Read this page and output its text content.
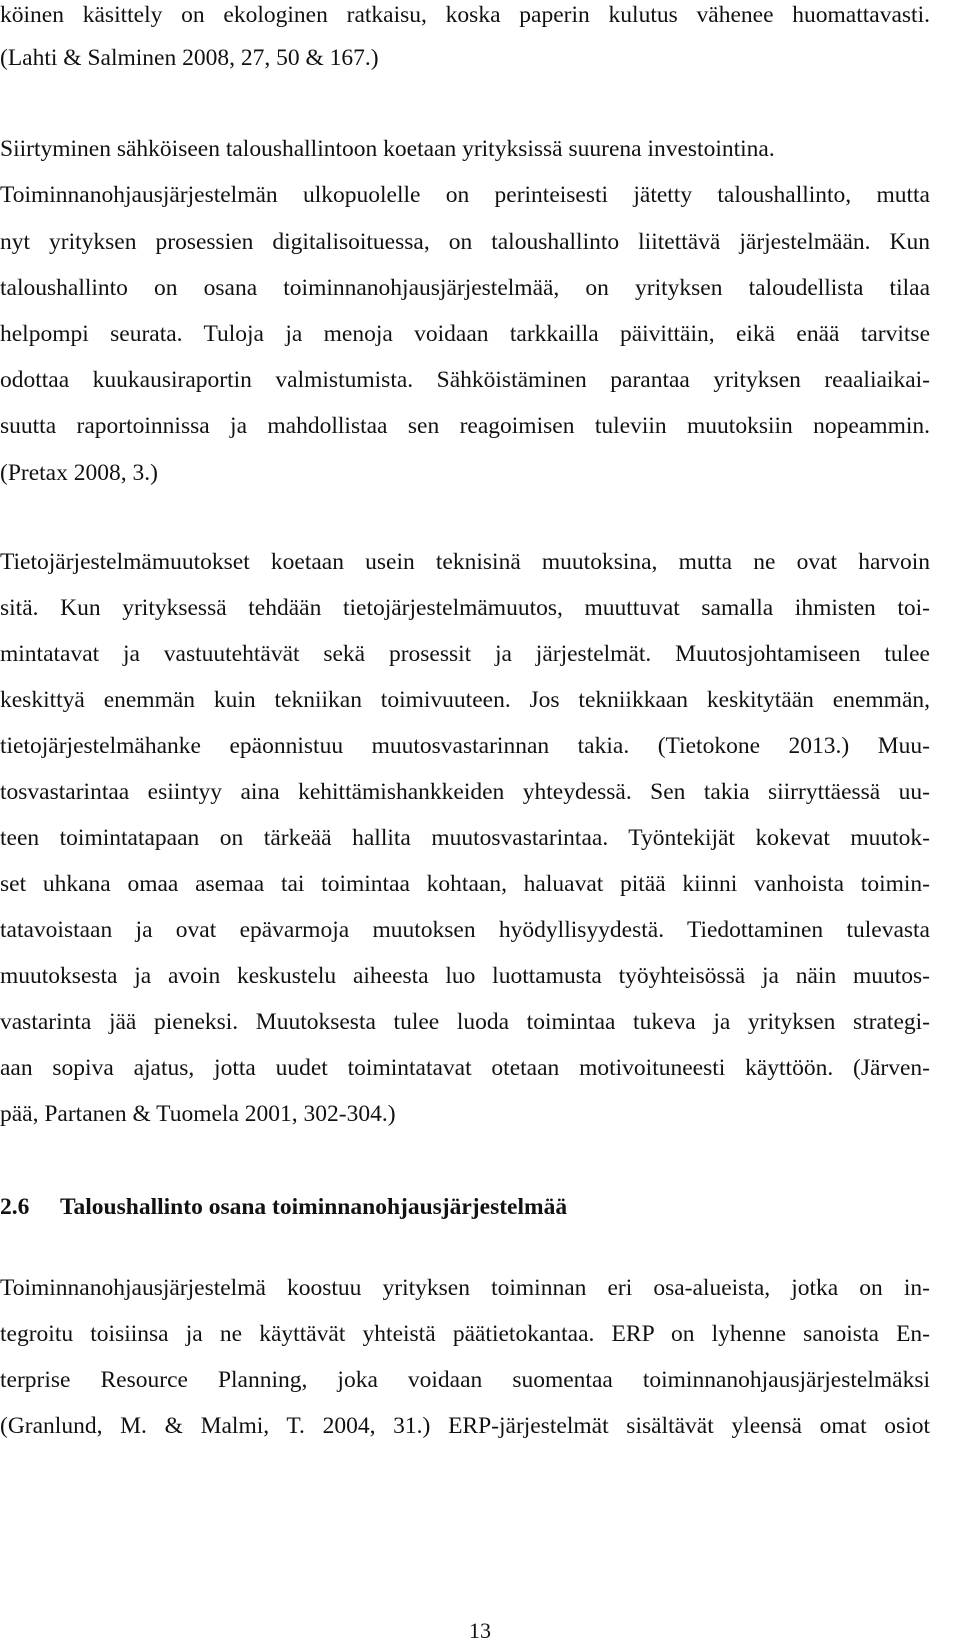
köinen käsittely on ekologinen ratkaisu, koska paperin kulutus vähenee huomattavasti.
(Lahti & Salminen 2008, 27, 50 & 167.)
Siirtyminen sähköiseen taloushallintoon koetaan yrityksissä suurena investointina.
Toiminnanohjausjärjestelmän ulkopuolelle on perinteisesti jätetty taloushallinto, mutta
nyt yrityksen prosessien digitalisoituessa, on taloushallinto liitettävä järjestelmään. Kun
taloushallinto on osana toiminnanohjausjärjestelmää, on yrityksen taloudellista tilaa
helpompi seurata. Tuloja ja menoja voidaan tarkkailla päivittäin, eikä enää tarvitse
odottaa kuukausiraportin valmistumista. Sähköistäminen parantaa yrityksen reaaliaikai-
suutta raportoinnissa ja mahdollistaa sen reagoimisen tuleviin muutoksiin nopeammin.
(Pretax 2008, 3.)
Tietojärjestelmämuutokset koetaan usein teknisinä muutoksina, mutta ne ovat harvoin
sitä. Kun yrityksessä tehdään tietojärjestelmämuutos, muuttuvat samalla ihmisten toi-
mintatavat ja vastuutehtävät sekä prosessit ja järjestelmät. Muutosjohtamiseen tulee
keskittyä enemmän kuin tekniikan toimivuuteen. Jos tekniikkaan keskitytään enemmän,
tietojärjestelmähanke epäonnistuu muutosvastarinnan takia. (Tietokone 2013.) Muu-
tosvastarintaa esiintyy aina kehittämishankkeiden yhteydessä. Sen takia siirryttäessä uu-
teen toimintatapaan on tärkeää hallita muutosvastarintaa. Työntekijät kokevat muutok-
set uhkana omaa asemaa tai toimintaa kohtaan, haluavat pitää kiinni vanhoista toimin-
tatavoistaan ja ovat epävarmoja muutoksen hyödyllisyydestä. Tiedottaminen tulevasta
muutoksesta ja avoin keskustelu aiheesta luo luottamusta työyhteisössä ja näin muutos-
vastarinta jää pieneksi. Muutoksesta tulee luoda toimintaa tukeva ja yrityksen strategi-
aan sopiva ajatus, jotta uudet toimintatavat otetaan motivoituneesti käyttöön. (Järven-
pää, Partanen & Tuomela 2001, 302-304.)
2.6 Taloushallinto osana toiminnanohjausjärjestelmää
Toiminnanohjausjärjestelmä koostuu yrityksen toiminnan eri osa-alueista, jotka on in-
tegroitu toisiinsa ja ne käyttävät yhteistä päätietokantaa. ERP on lyhenne sanoista En-
terprise Resource Planning, joka voidaan suomentaa toiminnanohjausjärjestelmäksi
(Granlund, M. & Malmi, T. 2004, 31.) ERP-järjestelmät sisältävät yleensä omat osiot
13
